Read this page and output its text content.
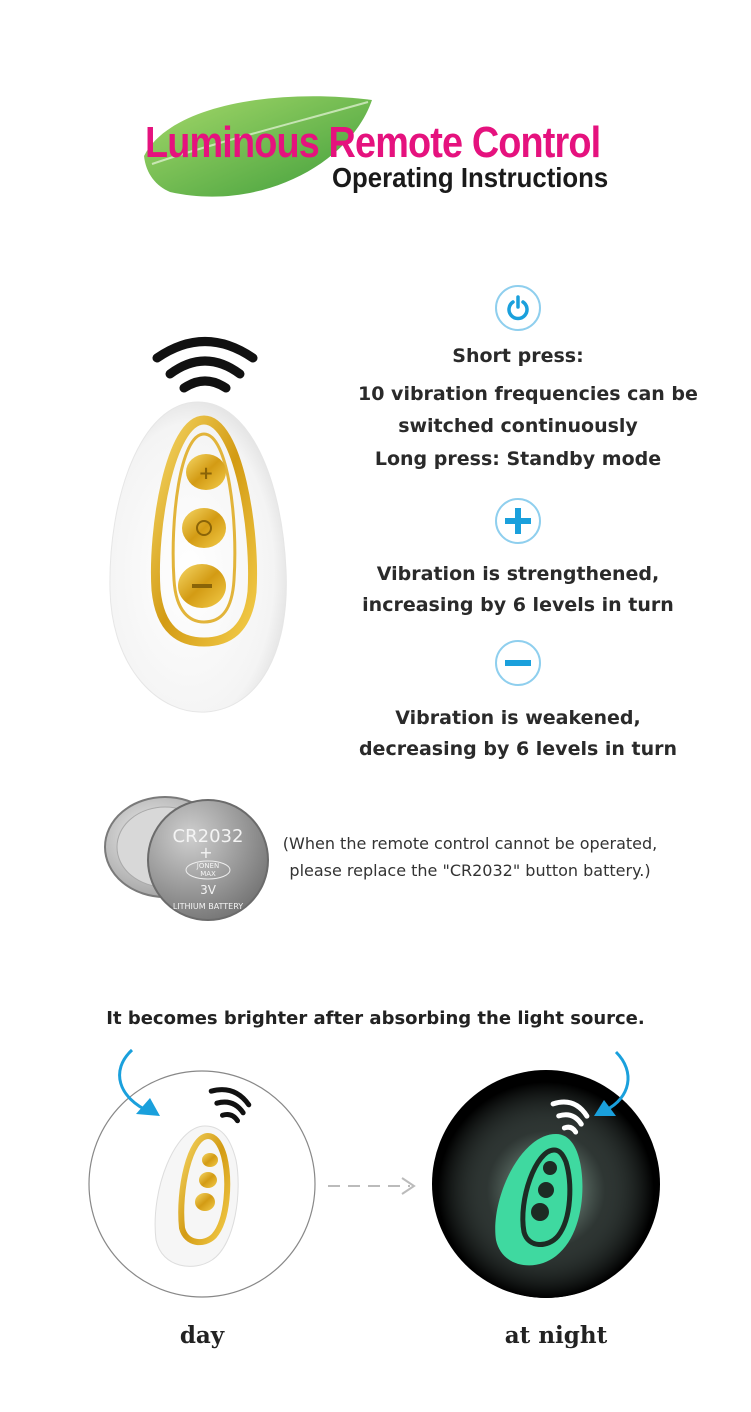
Luminous Remote Control
Operating Instructions
+
Short press:
10 vibration frequencies can be
switched continuously
Long press: Standby mode
Vibration is strengthened,
increasing by 6 levels in turn
Vibration is weakened,
decreasing by 6 levels in turn
CR2032
+
JONEN
MAX
3V
LITHIUM BATTERY
(When the remote control cannot be operated,
please replace the "CR2032" button battery.)
It becomes brighter after absorbing the light source.
day	at night
